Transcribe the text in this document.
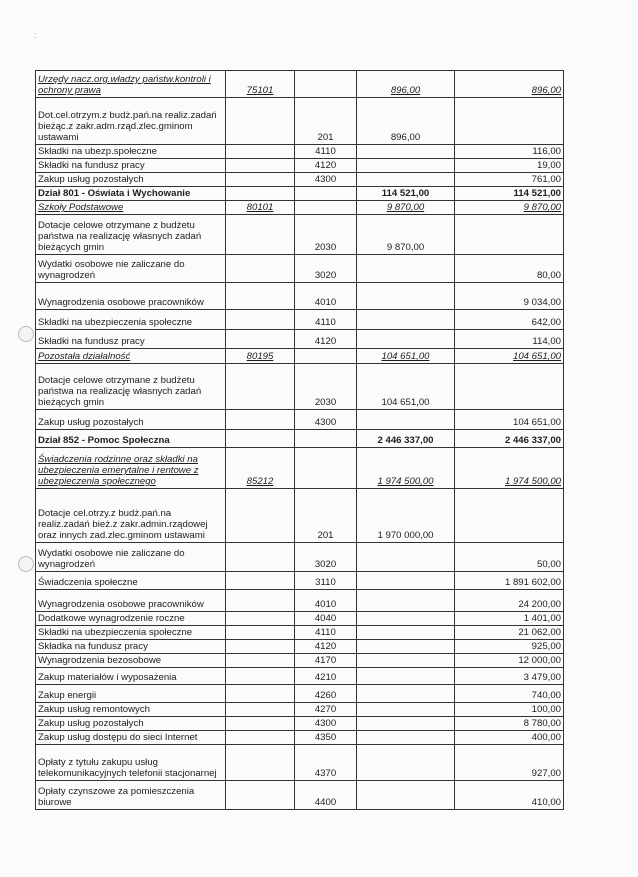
:
Urzędy nacz.org.władzy państw.kontroli i ochrony prawa	75101		896,00	896,00
Dot.cel.otrzym.z budż.pań.na realiz.zadań bieżąc.z zakr.adm.rząd.zlec.gminom ustawami		201	896,00	
Składki na ubezp.społeczne		4110		116,00
Składki na fundusz pracy		4120		19,00
Zakup usług pozostałych		4300		761,00
Dział 801 - Oświata i Wychowanie			114 521,00	114 521,00
Szkoły Podstawowe	80101		9 870,00	9 870,00
Dotacje celowe otrzymane z budżetu państwa na realizację własnych zadań bieżących gmin		2030	9 870,00	
Wydatki osobowe nie zaliczane do wynagrodzeń		3020		80,00
Wynagrodzenia osobowe pracowników		4010		9 034,00
Składki na ubezpieczenia społeczne		4110		642,00
Składki na fundusz pracy		4120		114,00
Pozostała działalność	80195		104 651,00	104 651,00
Dotacje celowe otrzymane z budżetu państwa na realizację własnych zadań bieżących gmin		2030	104 651,00	
Zakup usług pozostałych		4300		104 651,00
Dział 852 - Pomoc Społeczna			2 446 337,00	2 446 337,00
Świadczenia rodzinne oraz składki na ubezpieczenia emerytalne i rentowe z ubezpieczenia społecznego	85212		1 974 500,00	1 974 500,00
Dotacje cel.otrzy.z budż.pań.na realiz.zadań bież.z zakr.admin.rządowej oraz innych zad.zlec.gminom ustawami		201	1 970 000,00	
Wydatki osobowe nie zaliczane do wynagrodzeń		3020		50,00
Świadczenia społeczne		3110		1 891 602,00
Wynagrodzenia osobowe pracowników		4010		24 200,00
Dodatkowe wynagrodzenie roczne		4040		1 401,00
Składki na ubezpieczenia społeczne		4110		21 062,00
Składka na fundusz pracy		4120		925,00
Wynagrodzenia bezosobowe		4170		12 000,00
Zakup materiałów i wyposażenia		4210		3 479,00
Zakup energii		4260		740,00
Zakup usług remontowych		4270		100,00
Zakup usług pozostałych		4300		8 780,00
Zakup usług dostępu do sieci Internet		4350		400,00
Opłaty z tytułu zakupu usług telekomunikacyjnych telefonii stacjonarnej		4370		927,00
Opłaty czynszowe za pomieszczenia biurowe		4400		410,00
